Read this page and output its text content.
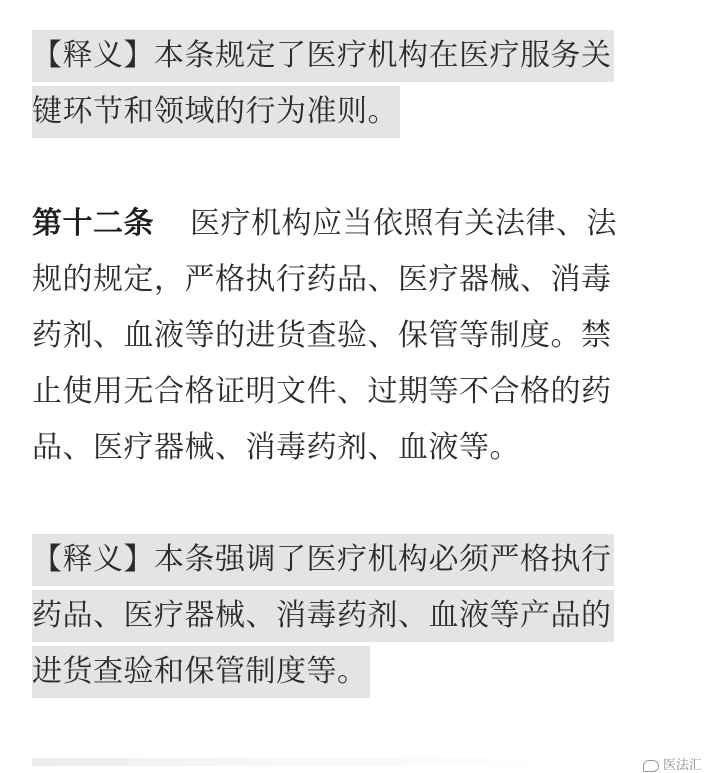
【释义】本条规定了医疗机构在医疗服务关
键环节和领域的行为准则。
第十二条 医疗机构应当依照有关法律、法
规的规定，严格执行药品、医疗器械、消毒
药剂、血液等的进货查验、保管等制度。禁
止使用无合格证明文件、过期等不合格的药
品、医疗器械、消毒药剂、血液等。
【释义】本条强调了医疗机构必须严格执行
药品、医疗器械、消毒药剂、血液等产品的
进货查验和保管制度等。
医法汇
